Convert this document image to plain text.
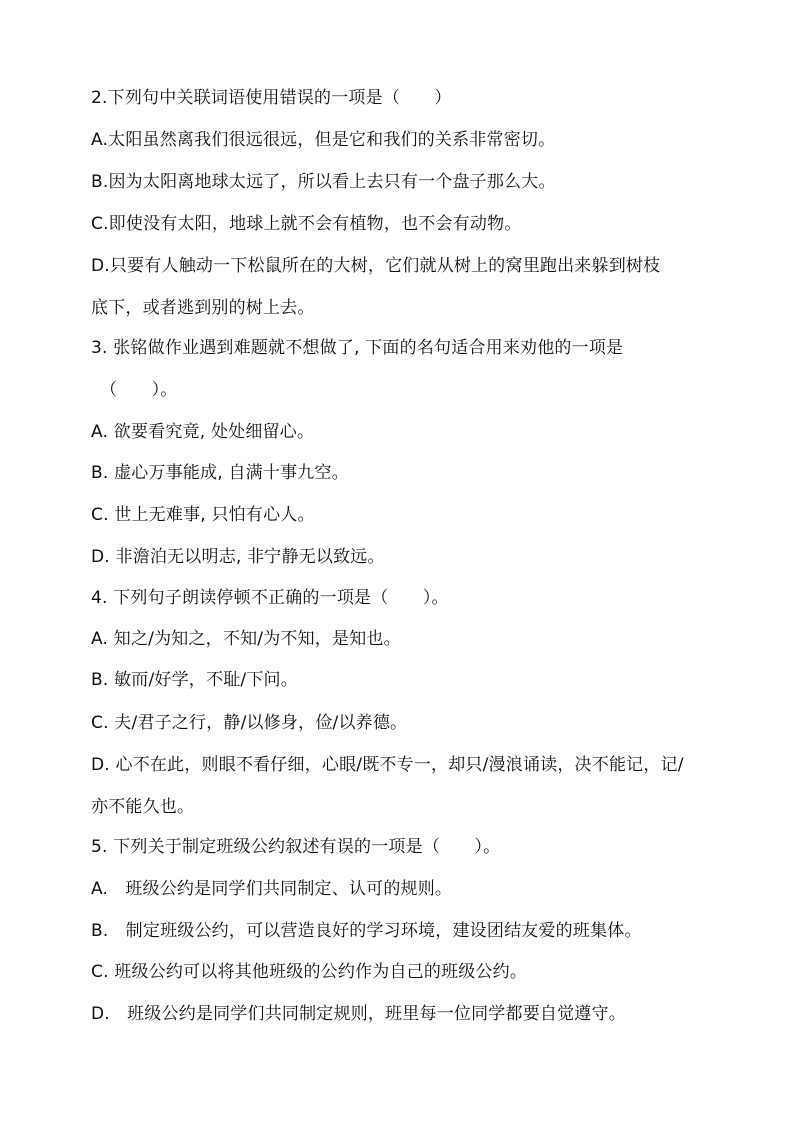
2.下列句中关联词语使用错误的一项是（　　）
A.太阳虽然离我们很远很远，但是它和我们的关系非常密切。
B.因为太阳离地球太远了，所以看上去只有一个盘子那么大。
C.即使没有太阳，地球上就不会有植物，也不会有动物。
D.只要有人触动一下松鼠所在的大树，它们就从树上的窝里跑出来躲到树枝
底下，或者逃到别的树上去。
3. 张铭做作业遇到难题就不想做了, 下面的名句适合用来劝他的一项是
（　　）。
A. 欲要看究竟, 处处细留心。
B. 虚心万事能成, 自满十事九空。
C. 世上无难事, 只怕有心人。
D. 非澹泊无以明志, 非宁静无以致远。
4. 下列句子朗读停顿不正确的一项是（　　）。
A. 知之/为知之，不知/为不知，是知也。
B. 敏而/好学，不耻/下问。
C. 夫/君子之行，静/以修身，俭/以养德。
D. 心不在此，则眼不看仔细，心眼/既不专一，却只/漫浪诵读，决不能记，记/
亦不能久也。
5. 下列关于制定班级公约叙述有误的一项是（　　）。
A.　班级公约是同学们共同制定、认可的规则。
B.　制定班级公约，可以营造良好的学习环境，建设团结友爱的班集体。
C. 班级公约可以将其他班级的公约作为自己的班级公约。
D.　班级公约是同学们共同制定规则，班里每一位同学都要自觉遵守。
